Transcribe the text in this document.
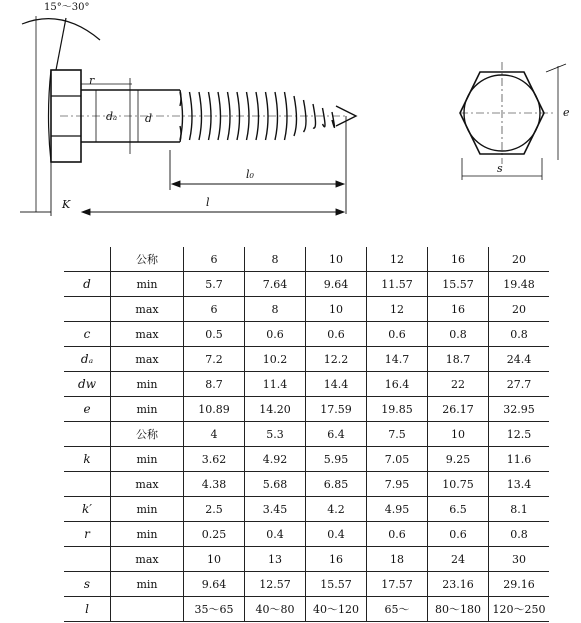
15°～30°
r
dₐ	d
l₀
K	l
e
s
	公称	6	8	10	12	16	20
d	min	5.7	7.64	9.64	11.57	15.57	19.48
	max	6	8	10	12	16	20
c	max	0.5	0.6	0.6	0.6	0.8	0.8
dₐ	max	7.2	10.2	12.2	14.7	18.7	24.4
dw	min	8.7	11.4	14.4	16.4	22	27.7
e	min	10.89	14.20	17.59	19.85	26.17	32.95
	公称	4	5.3	6.4	7.5	10	12.5
k	min	3.62	4.92	5.95	7.05	9.25	11.6
	max	4.38	5.68	6.85	7.95	10.75	13.4
k′	min	2.5	3.45	4.2	4.95	6.5	8.1
r	min	0.25	0.4	0.4	0.6	0.6	0.8
	max	10	13	16	18	24	30
s	min	9.64	12.57	15.57	17.57	23.16	29.16
l		35～65	40～80	40～120	65～	80～180	120～250
